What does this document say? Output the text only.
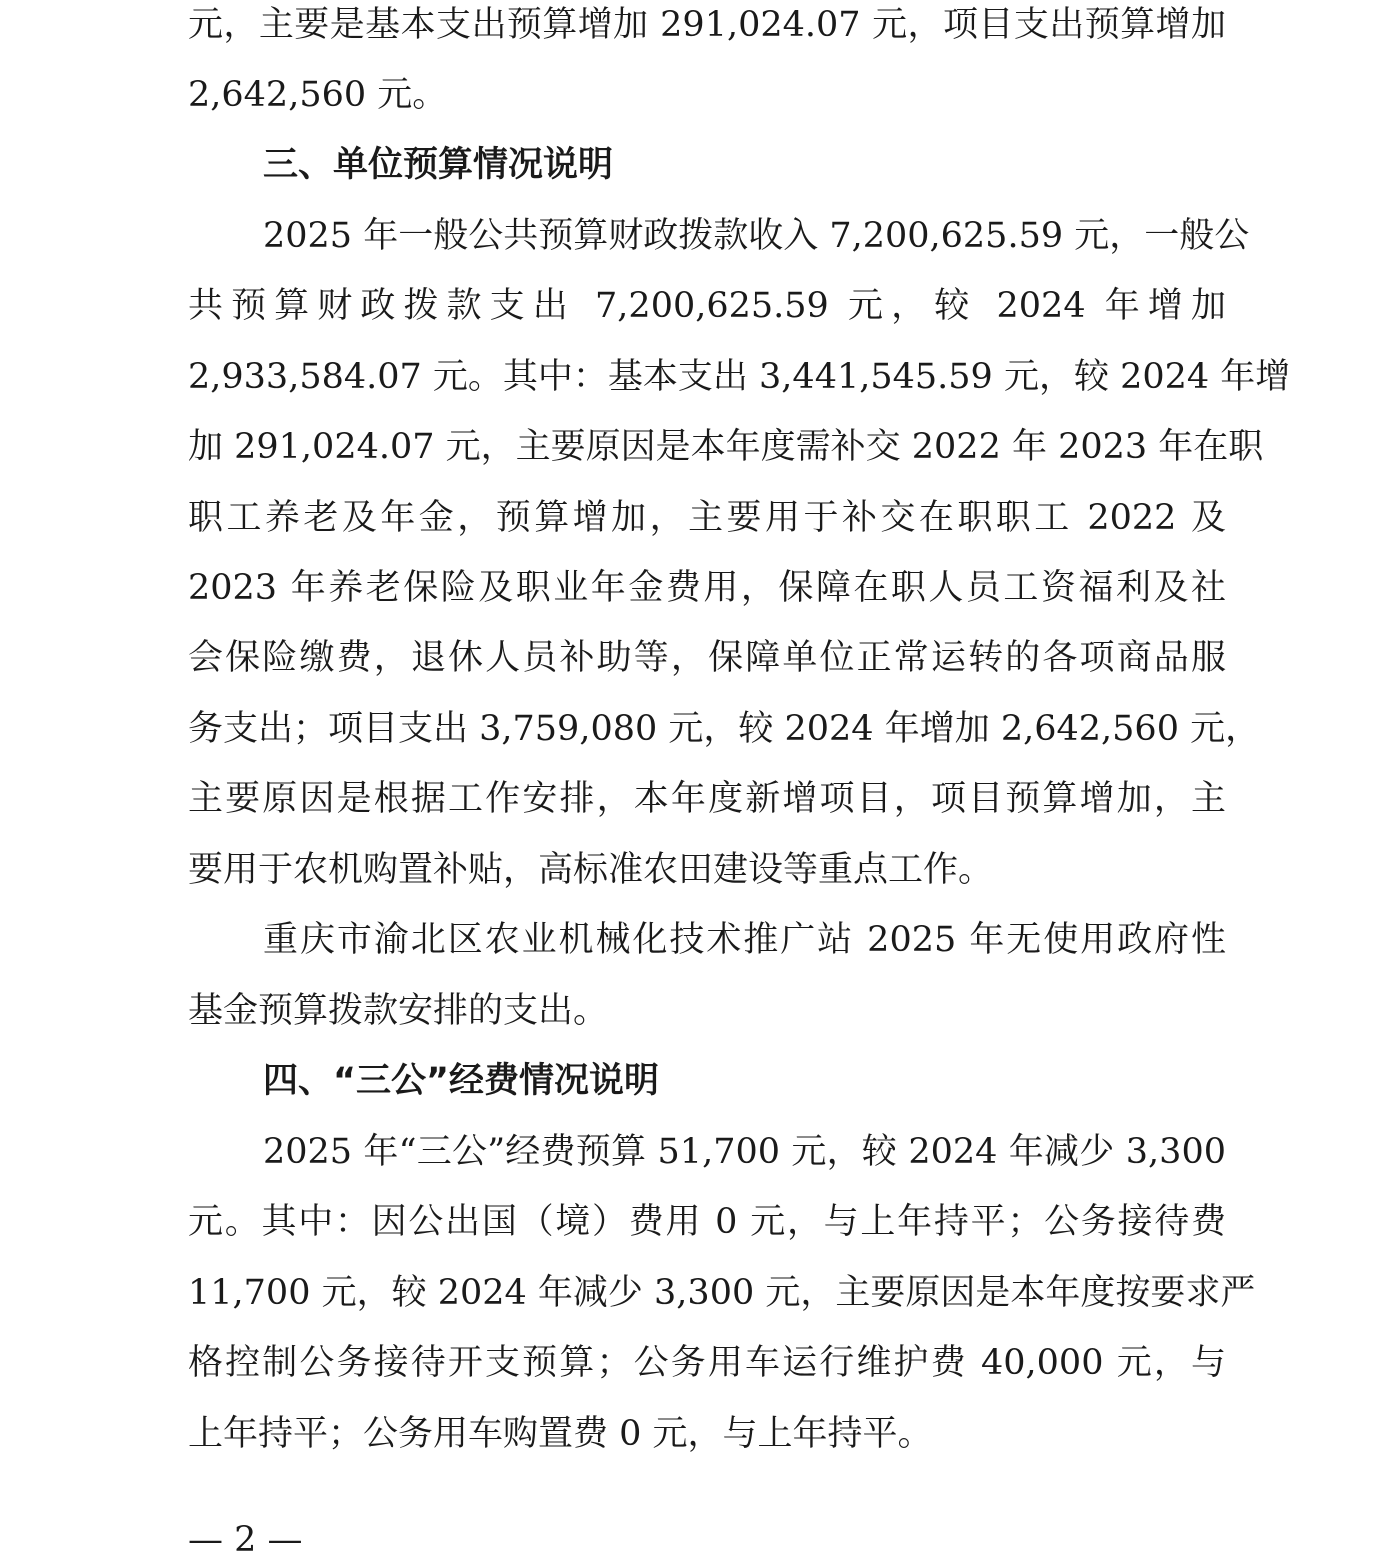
元，主要是基本支出预算增加 291,024.07 元，项目支出预算增加
2,642,560 元。
三、单位预算情况说明
2025 年一般公共预算财政拨款收入 7,200,625.59 元，一般公
共预算财政拨款支出 7,200,625.59 元，较 2024 年增加
2,933,584.07 元。其中：基本支出 3,441,545.59 元，较 2024 年增
加 291,024.07 元，主要原因是本年度需补交 2022 年 2023 年在职
职工养老及年金，预算增加，主要用于补交在职职工 2022 及
2023 年养老保险及职业年金费用，保障在职人员工资福利及社
会保险缴费，退休人员补助等，保障单位正常运转的各项商品服
务支出；项目支出 3,759,080 元，较 2024 年增加 2,642,560 元，
主要原因是根据工作安排，本年度新增项目，项目预算增加，主
要用于农机购置补贴，高标准农田建设等重点工作。
重庆市渝北区农业机械化技术推广站 2025 年无使用政府性
基金预算拨款安排的支出。
四、“三公”经费情况说明
2025 年“三公”经费预算 51,700 元，较 2024 年减少 3,300
元。其中：因公出国（境）费用 0 元，与上年持平；公务接待费
11,700 元，较 2024 年减少 3,300 元，主要原因是本年度按要求严
格控制公务接待开支预算；公务用车运行维护费 40,000 元，与
上年持平；公务用车购置费 0 元，与上年持平。
— 2 —
